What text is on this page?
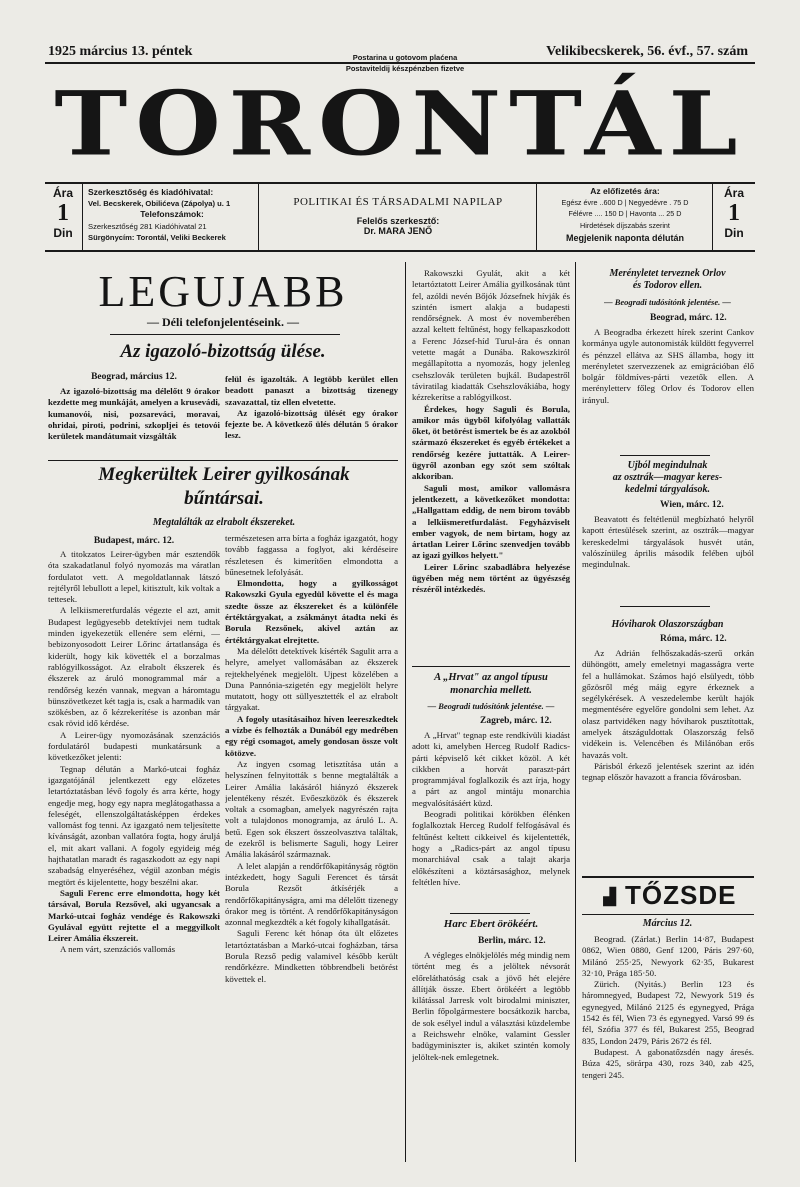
1925 március 13. péntek	Postarina u gotovom plaćena
Postaviteldij készpénzben fizetve
Velikibecskerek, 56. évf., 57. szám
TORONTÁL
Ára
1
Din
Szerkesztőség és kiadóhivatal:
Vel. Becskerek, Obilićeva (Zápolya) u. 1
Telefonszámok:
Szerkesztőség 281 Kiadóhivatal 21
Sürgönycím: Torontál, Veliki Beckerek
POLITIKAI ÉS TÁRSADALMI NAPILAP
Felelős szerkesztő:
Dr. MARA JENŐ
Az előfizetés ára:
Egész évre ..600 D | Negyedévre . 75 D
Félévre .... 150 D | Havonta ... 25 D
Hirdetések díjszabás szerint
Megjelenik naponta délután
Ára
1
Din
LEGUJABB
— Déli telefonjelentéseink. —
Az igazoló-bizottság ülése.
Beograd, március 12.

Az igazoló-bizottság ma délelőtt 9 órakor kezdette meg munkáját, amelyen a krusevádi, kumanovói, nisi, pozsareváci, moravai, ohridai, piroti, podrini, szkopljei és tetovói kerületek mandátumait vizsgálták

felül és igazolták. A legtöbb kerület ellen beadott panaszt a bizottság tizenegy szavazattal, tiz ellen elvetette.

Az igazoló-bizottság ülését egy órakor fejezte be. A következő ülés délután 5 órakor lesz.

Megkerültek Leirer gyilkosának
bűntársai.
Megtalálták az elrabolt ékszereket.
Budapest, márc. 12.

A titokzatos Leirer-ügyben már esztendők óta szakadatlanul folyó nyomozás ma váratlan fordulatot vett. A megoldatlannak látszó rejtélyről lebullott a lepel, kitisztult, kik voltak a tettesek.

A lelkiismeretfurdalás végezte el azt, amit Budapest legügyesebb detektívjei nem tudtak minden igyekezetük ellenére sem elérni, — bebizonyosodott Leirer Lőrinc ártatlansága és kiderült, hogy kik követték el a borzalmas rablógyilkosságot. Az elrabolt ékszerek és ékszerek az áruló monogrammal már a rendőrség kezén vannak, megvan a háromtagu bünszövetkezet két tagja is, csak a harmadik van szökésben, az ő kézrekerítése is azonban már csak rövid idő kérdése.

A Leirer-ügy nyomozásának szenzációs fordulatáról budapesti munkatársunk a következőket jelenti:

Tegnap délután a Markó-utcai fogház igazgatójánál jelentkezett egy előzetes letartóztatásban lévő fogoly és arra kérte, hogy engedje meg, hogy egy napra meglátogathassa a feleségét, ellenszolgáltatásképpen érdekes vallomást fog tenni. Az igazgató nem teljesítette kívánságát, azonban vallatóra fogta, hogy áruljá el, mit akart vallani. A fogoly egyideig még hajthatatlan maradt és ragaszkodott az egy napi szabadság elnyeréséhez, végül azonban mégis megtört és kijelentette, hogy beszélni akar.

Saguli Ferenc erre elmondotta, hogy két társával, Borula Rezsővel, aki ugyancsak a Markó-utcai fogház vendége és Rakowszki Gyulával együtt rejtette el a meggyilkolt Leirer Amália ékszereit.

A nem várt, szenzációs vallomás

természetesen arra bírta a fogház igazgatót, hogy tovább faggassa a foglyot, aki kérdéseire részletesen és kimerítően elmondotta a bűnesetnek lefolyását.

Elmondotta, hogy a gyilkosságot Rakowszki Gyula egyedül követte el és maga szedte össze az ékszereket és a különféle értéktárgyakat, a zsákmányt átadta neki és Borula Rezsőnek, akivel aztán az értéktárgyakat elrejtette.

Ma délelőtt detektívek kísérték Sagulit arra a helyre, amelyet vallomásában az ékszerek rejtekhelyének megjelölt. Ujpest közelében a Duna Pannónia-szigetén egy megjelölt helyre mutatott, hogy ott süllyesztették el az elrabolt tárgyakat.

A fogoly utasításaihoz híven leereszkedtek a vízbe és felhozták a Dunából egy medrében egy régi csomagot, amely gondosan össze volt kötözve.

Az ingyen csomag letisztítása után a helyszínen felnyitották s benne megtalálták a Leirer Amália lakásáról hiányzó ékszerek jelentékeny részét. Evőeszközök és ékszerek voltak a csomagban, amelyek nagyrészén rajta volt a tulajdonos monogramja, az áruló L. A. betű. Egen sok ékszert összeolvasztva találtak, de ezekről is belismerte Saguli, hogy Leirer Amália lakásáról származnak.

A lelet alapján a rendőrfőkapitányság rögtön intézkedett, hogy Saguli Ferencet és társát Borula Rezsőt átkísérjék a rendőrfőkapitányságra, ami ma délelőtt tizenegy órakor meg is történt. A rendőrfőkapitányságon azonnal megkezdték a két fogoly kihallgatását.

Saguli Ferenc két hónap óta ült előzetes letartóztatásban a Markó-utcai fogházban, társa Borula Rezső pedig valamivel később került rendőrkézre. Mindketten többrendbeli betörést követtek el.

Rakowszki Gyulát, akit a két letartóztatott Leirer Amália gyilkosának tünt fel, azóldi nevén Bőjók Józsefnek hívják és szintén ismert alakja a budapesti rendőrségnek. A most év novemberében azzal keltett feltűnést, hogy felkapaszkodott a Ferenc József-híd Turul-ára és onnan vetette magát a Dunába. Rakowszkiról megállapította a nyomozás, hogy jelenleg csehszlovák területen bujkál. Budapestről táviratilag kiadatták Csehszlovákiába, hogy kézrekerítse a rablógyilkost.

Érdekes, hogy Saguli és Borula, amikor más ügyből kifolyólag vallatták őket, öt betörést ismertek be és az azokból származó ékszereket és egyéb értékeket a rendőrség kezére juttatták. A Leirer-ügyről azonban egy szót sem szóltak akkoriban.

Saguli most, amikor vallomásra jelentkezett, a következőket mondotta: „Hallgattam eddig, de nem birom tovább a lelkiismeretfurdalást. Fegyházviselt ember vagyok, de nem birtam, hogy az ártatlan Leirer Lőrinc szenvedjen tovább az igazi gyilkos helyett."

Leirer Lőrinc szabadlábra helyezése ügyében még nem történt az ügyészség részéről intézkedés.

A „Hrvat" az angol típusu
monarchia mellett.
— Beogradi tudósítónk jelentése. —
Zagreb, márc. 12.

A „Hrvat" tegnap este rendkívüli kiadást adott ki, amelyben Herceg Rudolf Radics-párti képviselő két cikket közöl. A két cikkben a horvát paraszt-párt programmjával foglalkozik és azt írja, hogy a párt az angol mintáju monarchia megvalósításáért küzd.

Beogradi politikai körökben élénken foglalkoztak Herceg Rudolf felfogásával és feltűnést keltett cikkeivel és kijelentették, hogy a „Radics-párt az angol típusu monarchiával csak a talajt akarja előkészíteni a köztársasághoz, melynek feltétlen híve.

Harc Ebert örökéért.
Berlin, márc. 12.

A végleges elnökjelölés még mindig nem történt meg és a jelöltek névsorát előreláthatóság csak a jövő hét elejére állítják össze. Ebert örökéért a legtöbb kilátással Jarresk volt birodalmi miniszter, Berlin főpolgármestere bocsátkozik harcba, de sok esélyel indul a választási küzdelembe a Reichswehr elnöke, valamint Gessler badügyminiszter is, akiket szintén komoly jelöltek-nek emlegetnek.

Merényletet terveznek Orlov
és Todorov ellen.
— Beogradi tudósítónk jelentése. —
Beograd, márc. 12.

A Beogradba érkezett hírek szerint Cankov kormánya ugyle autonomisták küldött fegyverrel és pénzzel ellátva az SHS államba, hogy itt merényletet szervezzenek az emigrációban élő bolgár földmíves-párti vezetők ellen. A merényletterv főleg Orlov és Todorov ellen irányul.

Ujból megindulnak
az osztrák—magyar keres-
kedelmi tárgyalások.
Wien, márc. 12.

Beavatott és feltétlenül megbízható helyről kapott értesülések szerint, az osztrák—magyar kereskedelmi tárgyalások husvét után, valószínüleg április második felében ujból megindulnak.

Hóviharok Olaszországban
Róma, márc. 12.

Az Adrián felhőszakadás-szerű orkán dühöngött, amely emeletnyi magasságra verte fel a hullámokat. Számos hajó elsülyedt, több gőzösről még máig egyre érkeznek a segélykérések. A veszedelembe került hajók megmentésére egyelőre gondolni sem lehet. Az olasz partvidéken nagy hóviharok pusztítottak, amelyek átszáguldottak Olaszország felső vidékein is. Velencében és Milánóban erős havazás volt.

Párisból érkező jelentések szerint az idén tegnap először havazott a francia fővárosban.

▟ TŐZSDE
Március 12.

Beograd. (Zárlat.) Berlin 14·87, Budapest 0862, Wien 0880, Genf 1200, Páris 297·60, Milánó 255·25, Newyork 62·35, Bukarest 32·10, Prága 185·50.

Zürich. (Nyitás.) Berlin 123 és háromnegyed, Budapest 72, Newyork 519 és egynegyed, Milánó 2125 és egynegyed, Prága 1542 és fél, Wien 73 és egynegyed. Varsó 99 és fél, Szófia 377 és fél, Bukarest 255, Beograd 835, London 2479, Páris 2672 és fél.

Budapest. A gabonatőzsdén nagy áresés. Búza 425, sörárpa 430, rozs 340, zab 425, tengeri 245.
